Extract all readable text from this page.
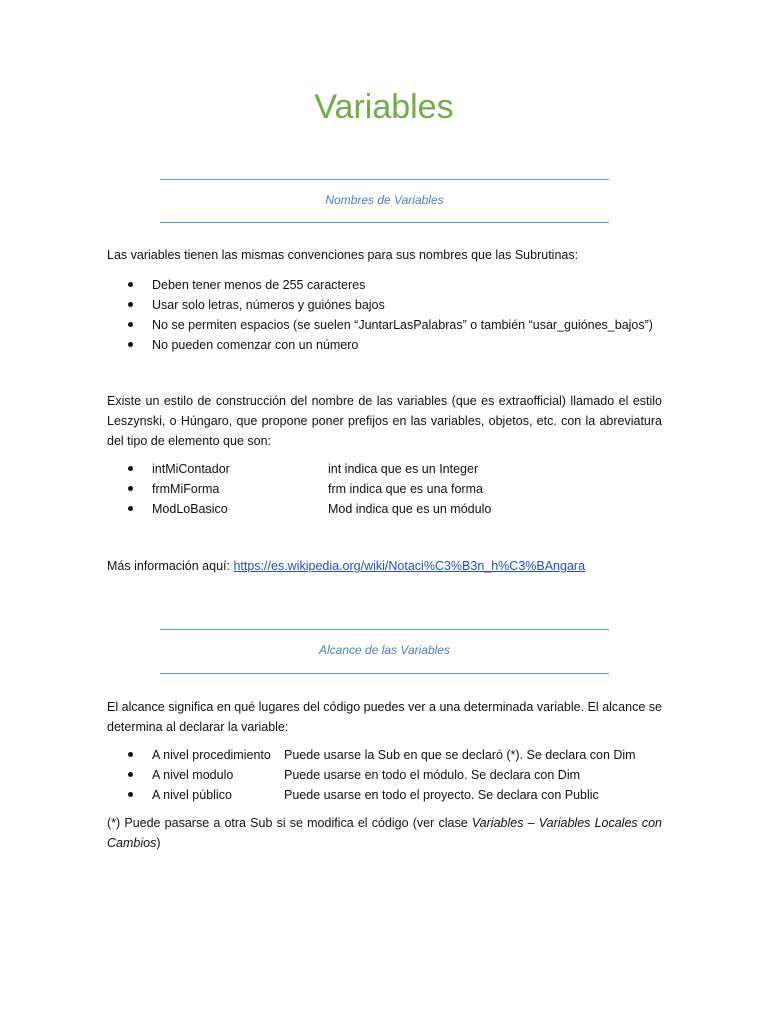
Variables
Nombres de Variables
Las variables tienen las mismas convenciones para sus nombres que las Subrutinas:
Deben tener menos de 255 caracteres
Usar solo letras, números y guiónes bajos
No se permiten espacios (se suelen “JuntarLasPalabras” o también “usar_guiónes_bajos”)
No pueden comenzar con un número
Existe un estilo de construcción del nombre de las variables (que es extraofficial) llamado el estilo Leszynski, o Húngaro, que propone poner prefijos en las variables, objetos, etc. con la abreviatura del tipo de elemento que son:
intMiContador	int indica que es un Integer
frmMiForma	frm indica que es una forma
ModLoBasico	Mod indica que es un módulo
Más información aquí: https://es.wikipedia.org/wiki/Notaci%C3%B3n_h%C3%BAngara
Alcance de las Variables
El alcance significa en qué lugares del código puedes ver a una determinada variable. El alcance se determina al declarar la variable:
A nivel procedimiento Puede usarse la Sub en que se declaró (*). Se declara con Dim
A nivel modulo	Puede usarse en todo el módulo. Se declara con Dim
A nivel público	Puede usarse en todo el proyecto. Se declara con Public
(*) Puede pasarse a otra Sub si se modifica el código (ver clase Variables – Variables Locales con Cambios)
